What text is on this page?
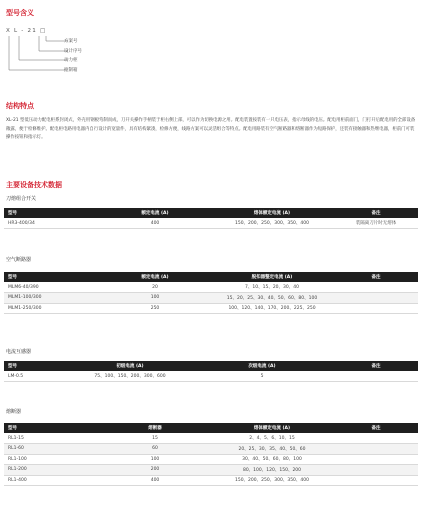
型号含义
X L - 21 □
方案号
设计序号
动力柜
控制箱
结构特点
XL-21 型低压动力配电柜系封闭式，外壳用钢板弯制而成，刀开关操作手柄装于柜右侧上部，可以作为切换电源之用。配电装置按装有一只电压表，指示母线的电压。配电用柜前面门，门打开后配电用的全部设备敞露，便于检修维护。配电柜电路用电器内自行设计的宽量件，具有结构紧凑，检修方便，线路方案可以灵活组合等特点。配电用路装有空气断路器和熔断器作为短路保护，还装有接触器和热继电器，柜前门可装操作按钮和指示灯。
主要设备技术数据
刀熔组合开关
型号	额定电流 (A)	熔体额定电流 (A)	备注
HR3-400/34	400	150、200、250、300、350、400	装隔离刀片时无熔体
空气断路器
型号	额定电流 (A)	脱扣器整定电流 (A)	备注
MLM6-40/390	20	7、10、15、20、30、40	
MLM1-100/300	100	15、20、25、30、40、50、60、80、100	
MLM1-250/300	250	100、120、140、170、200、225、250	
电流互感器
型号	初级电流 (A)	次级电流 (A)	备注
LM-0.5	75、100、150、200、300、600	5	
熔断器
型号	熔断器	熔体额定电流 (A)	备注
RL1-15	15	2、4、5、6、10、15	
RL1-60	60	20、25、30、35、40、50、60	
RL1-100	100	30、40、50、60、80、100	
RL1-200	200	80、100、120、150、200	
RL1-400	400	150、200、250、300、350、400	
